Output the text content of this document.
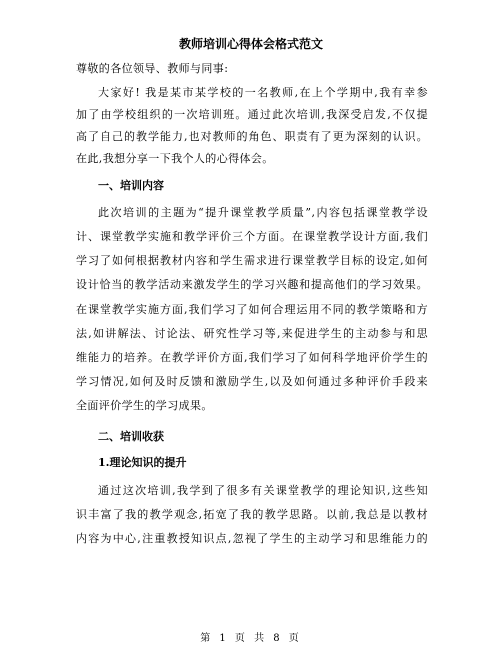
教师培训心得体会格式范文
尊敬的各位领导、教师与同事:
大家好! 我是某市某学校的一名教师,在上个学期中,我有幸参
加了由学校组织的一次培训班。通过此次培训,我深受启发,不仅提
高了自己的教学能力,也对教师的角色、职责有了更为深刻的认识。
在此,我想分享一下我个人的心得体会。
一、培训内容
此次培训的主题为“提升课堂教学质量”,内容包括课堂教学设
计、课堂教学实施和教学评价三个方面。在课堂教学设计方面,我们
学习了如何根据教材内容和学生需求进行课堂教学目标的设定,如何
设计恰当的教学活动来激发学生的学习兴趣和提高他们的学习效果。
在课堂教学实施方面,我们学习了如何合理运用不同的教学策略和方
法,如讲解法、讨论法、研究性学习等,来促进学生的主动参与和思
维能力的培养。在教学评价方面,我们学习了如何科学地评价学生的
学习情况,如何及时反馈和激励学生,以及如何通过多种评价手段来
全面评价学生的学习成果。
二、培训收获
1.理论知识的提升
通过这次培训,我学到了很多有关课堂教学的理论知识,这些知
识丰富了我的教学观念,拓宽了我的教学思路。以前,我总是以教材
内容为中心,注重教授知识点,忽视了学生的主动学习和思维能力的
第 1 页 共 8 页
